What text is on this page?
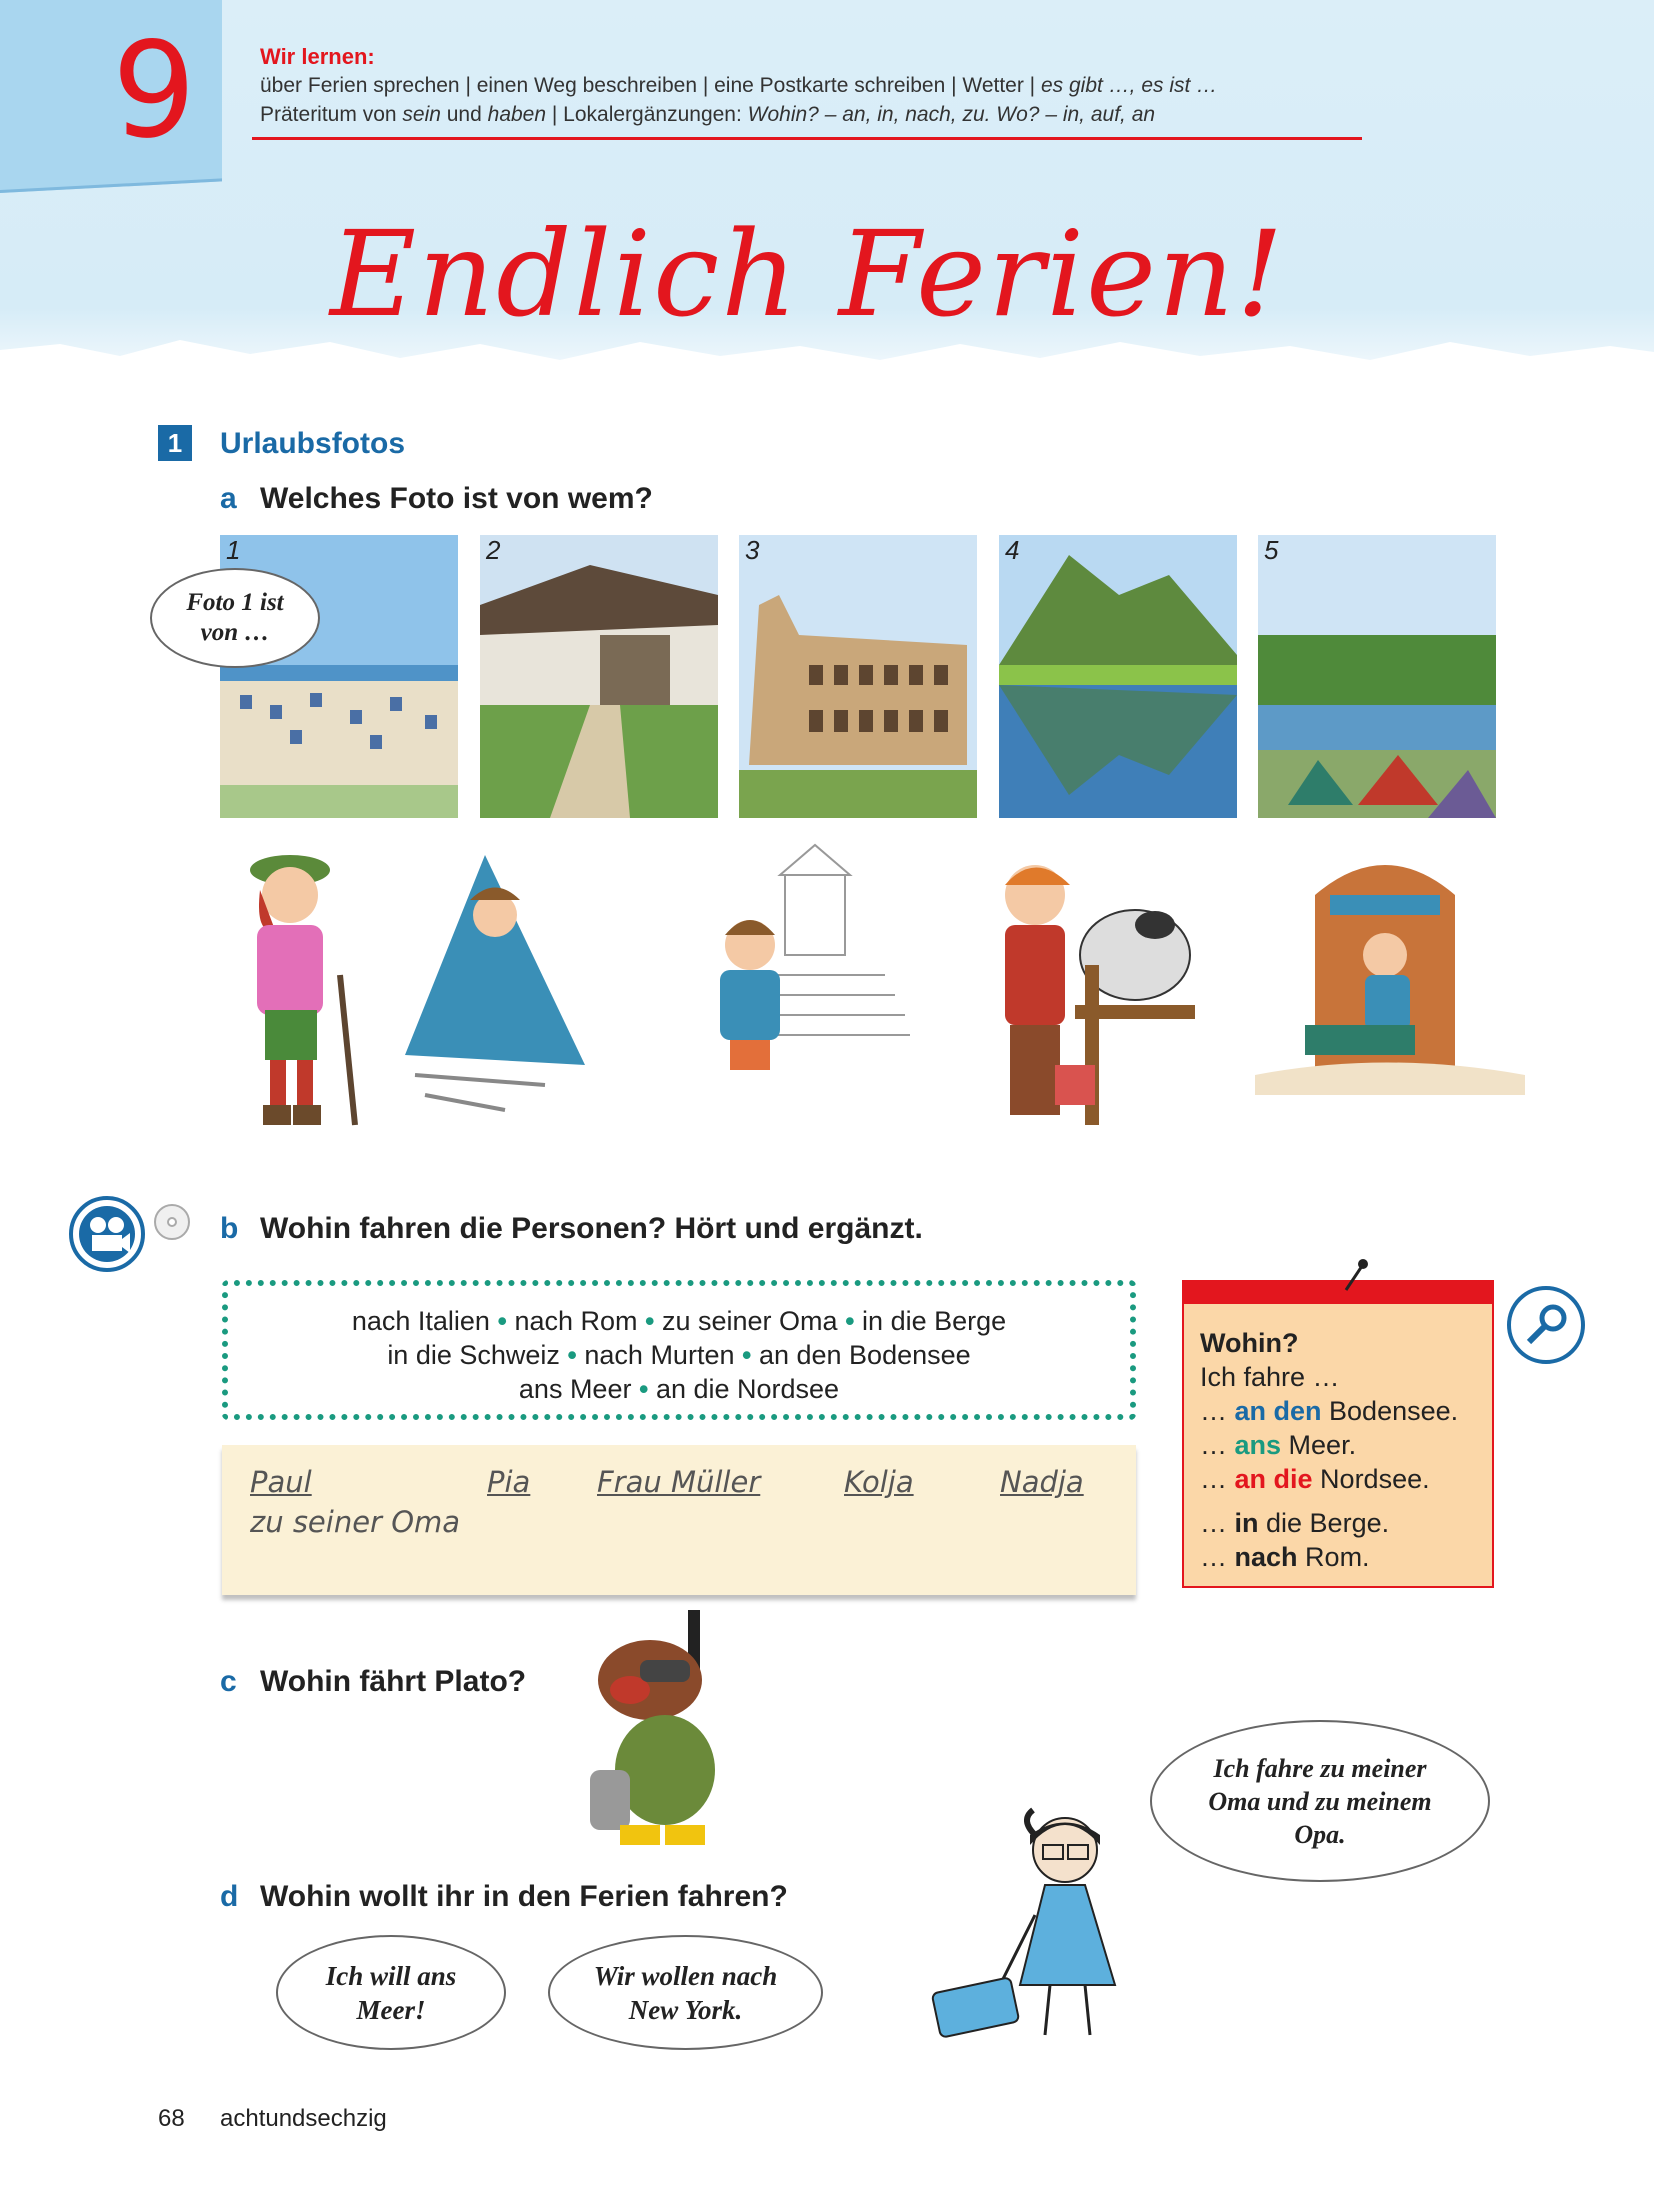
9	Wir lernen:
über Ferien sprechen | einen Weg beschreiben | eine Postkarte schreiben | Wetter | es gibt …, es ist …
Präteritum von sein und haben | Lokalergänzungen: Wohin? – an, in, nach, zu. Wo? – in, auf, an
Endlich Ferien!
1	Urlaubsfotos
a Welches Foto ist von wem?
1	2	3	4	5
Foto 1 ist von …
b Wohin fahren die Personen? Hört und ergänzt.
nach Italien • nach Rom • zu seiner Oma • in die Berge
in die Schweiz • nach Murten • an den Bodensee
ans Meer • an die Nordsee
Paul	Pia Frau Müller	Kolja	Nadja
zu seiner Oma
Wohin?
Ich fahre …
… an den Bodensee.
… ans Meer.
… an die Nordsee.
… in die Berge.
… nach Rom.
c Wohin fährt Plato?
Ich fahre zu meiner Oma und zu meinem Opa.
d Wohin wollt ihr in den Ferien fahren?
Ich will ans Meer!
Wir wollen nach New York.
68 achtundsechzig
